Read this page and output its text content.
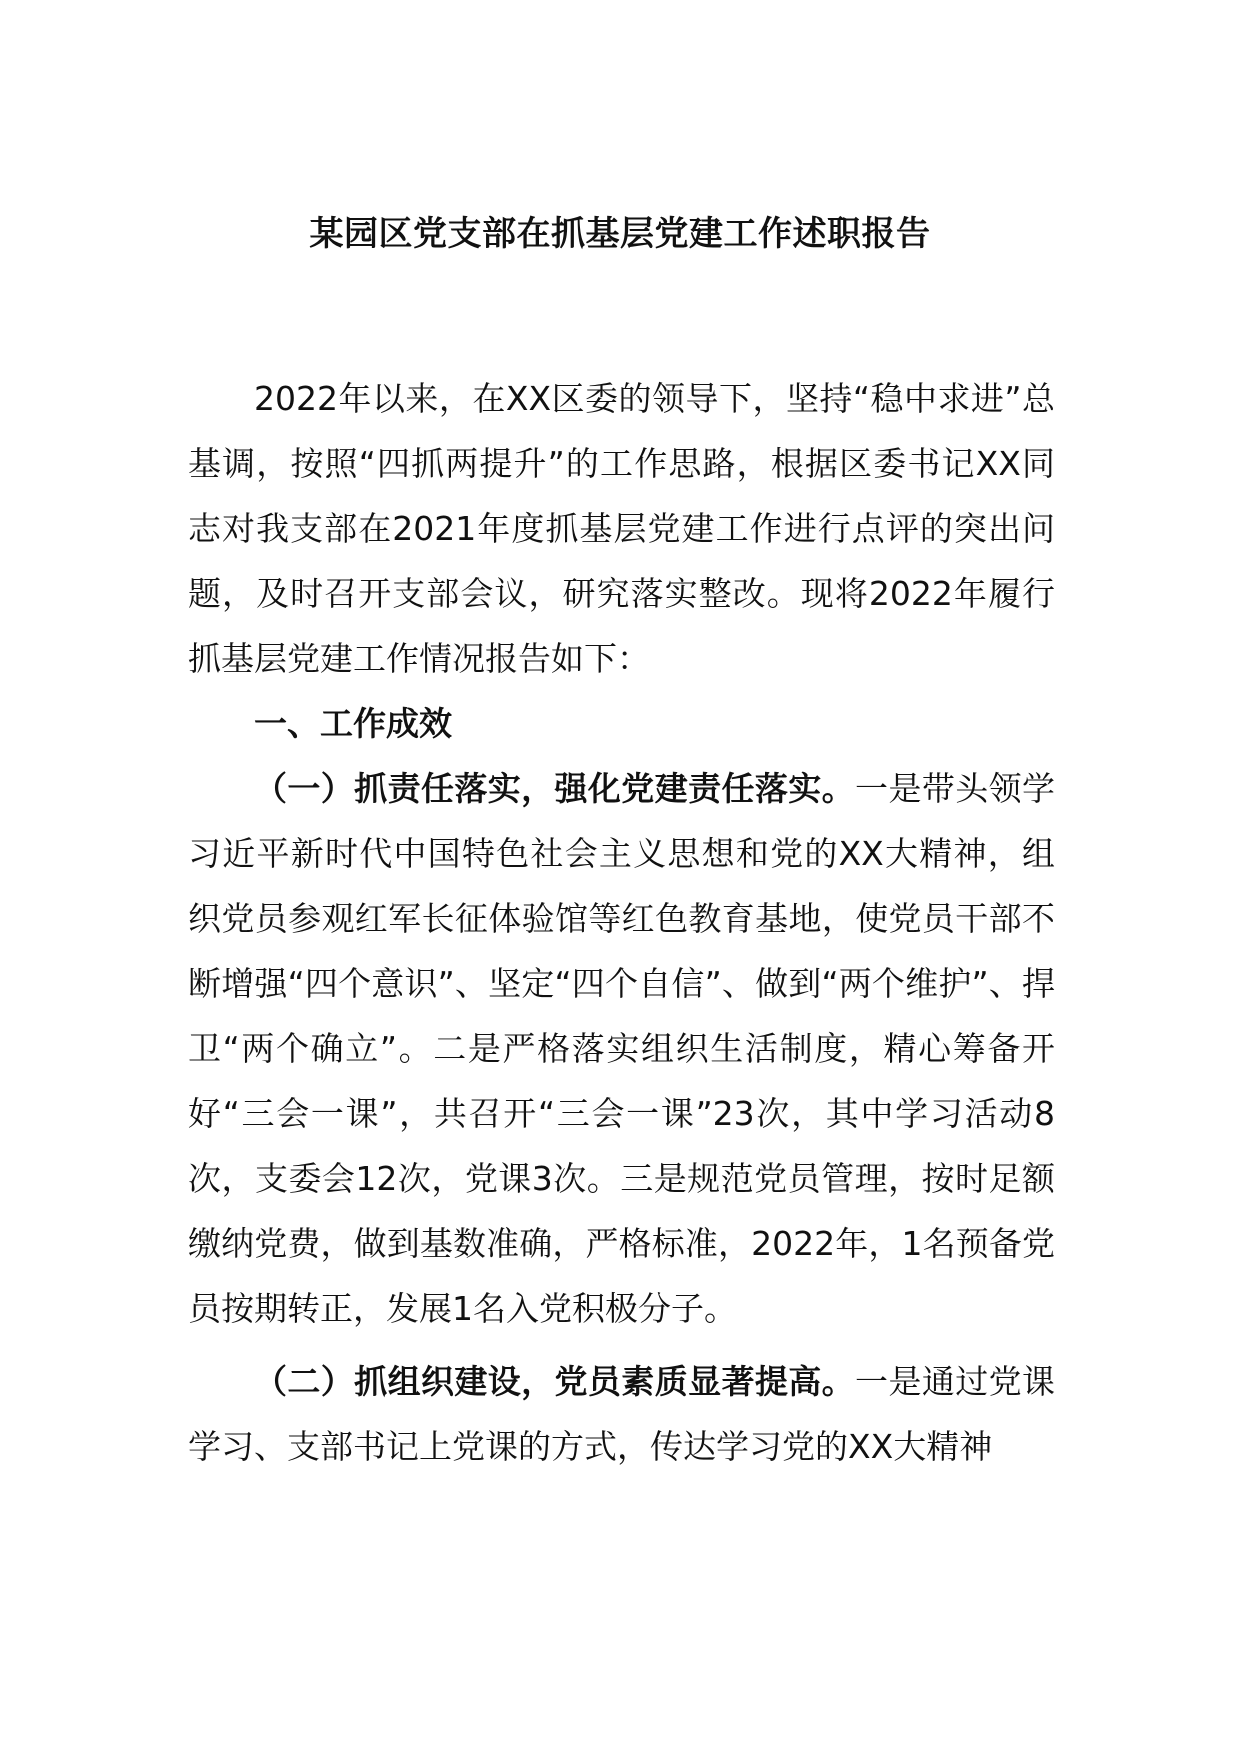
某园区党支部在抓基层党建工作述职报告

2022年以来，在XX区委的领导下，坚持“稳中求进”总基调，按照“四抓两提升”的工作思路，根据区委书记XX同志对我支部在2021年度抓基层党建工作进行点评的突出问题，及时召开支部会议，研究落实整改。现将2022年履行抓基层党建工作情况报告如下：

一、工作成效

（一）抓责任落实，强化党建责任落实。一是带头领学习近平新时代中国特色社会主义思想和党的XX大精神，组织党员参观红军长征体验馆等红色教育基地，使党员干部不断增强“四个意识”、坚定“四个自信”、做到“两个维护”、捍卫“两个确立”。二是严格落实组织生活制度，精心筹备开好“三会一课”，共召开“三会一课”23次，其中学习活动8次，支委会12次，党课3次。三是规范党员管理，按时足额缴纳党费，做到基数准确，严格标准，2022年，1名预备党员按期转正，发展1名入党积极分子。

（二）抓组织建设，党员素质显著提高。一是通过党课学习、支部书记上党课的方式，传达学习党的XX大精神
